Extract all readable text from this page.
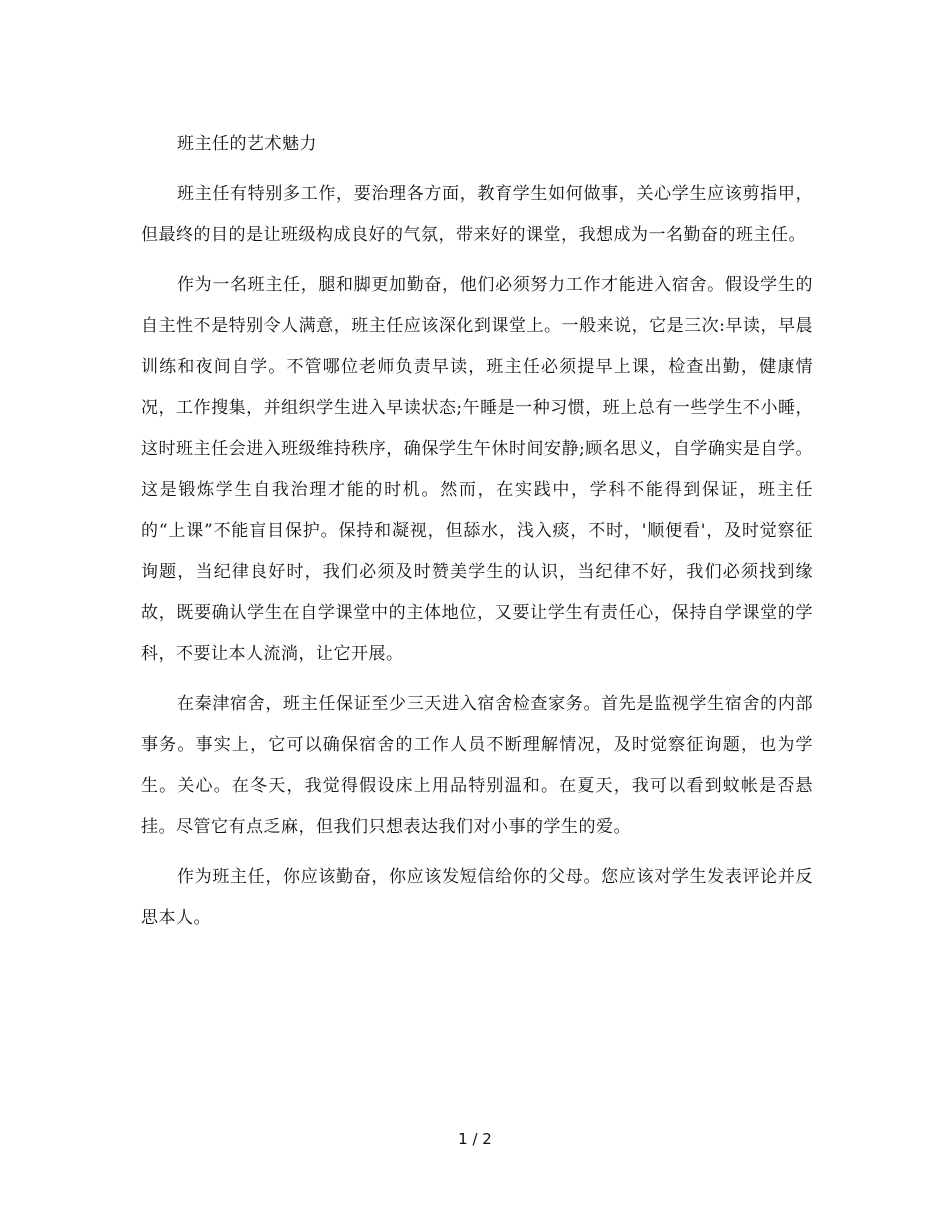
班主任的艺术魅力

班主任有特别多工作，要治理各方面，教育学生如何做事，关心学生应该剪指甲，但最终的目的是让班级构成良好的气氛，带来好的课堂，我想成为一名勤奋的班主任。

作为一名班主任，腿和脚更加勤奋，他们必须努力工作才能进入宿舍。假设学生的自主性不是特别令人满意，班主任应该深化到课堂上。一般来说，它是三次:早读，早晨训练和夜间自学。不管哪位老师负责早读，班主任必须提早上课，检查出勤，健康情况，工作搜集，并组织学生进入早读状态;午睡是一种习惯，班上总有一些学生不小睡，这时班主任会进入班级维持秩序，确保学生午休时间安静;顾名思义，自学确实是自学。这是锻炼学生自我治理才能的时机。然而，在实践中，学科不能得到保证，班主任的“上课”不能盲目保护。保持和凝视，但舔水，浅入痰，不时，'顺便看'，及时觉察征询题，当纪律良好时，我们必须及时赞美学生的认识，当纪律不好，我们必须找到缘故，既要确认学生在自学课堂中的主体地位，又要让学生有责任心，保持自学课堂的学科，不要让本人流淌，让它开展。

在秦津宿舍，班主任保证至少三天进入宿舍检查家务。首先是监视学生宿舍的内部事务。事实上，它可以确保宿舍的工作人员不断理解情况，及时觉察征询题，也为学生。关心。在冬天，我觉得假设床上用品特别温和。在夏天，我可以看到蚊帐是否悬挂。尽管它有点乏麻，但我们只想表达我们对小事的学生的爱。

作为班主任，你应该勤奋，你应该发短信给你的父母。您应该对学生发表评论并反思本人。

1 / 2
